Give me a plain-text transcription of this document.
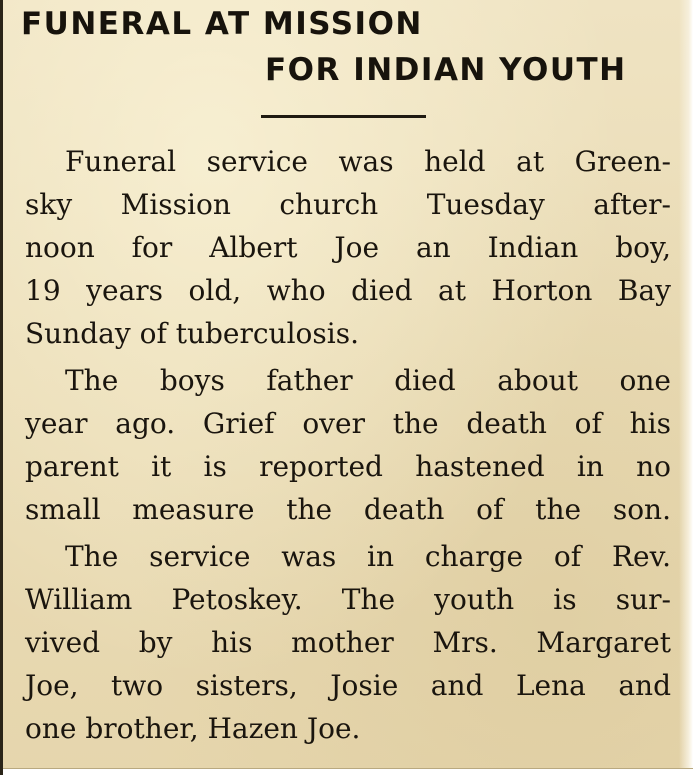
FUNERAL AT MISSION
FOR INDIAN YOUTH
Funeral service was held at Green-
sky Mission church Tuesday after-
noon for Albert Joe an Indian boy,
19 years old, who died at Horton Bay
Sunday of tuberculosis.
The boys father died about one
year ago. Grief over the death of his
parent it is reported hastened in no
small measure the death of the son.
The service was in charge of Rev.
William Petoskey. The youth is sur-
vived by his mother Mrs. Margaret
Joe, two sisters, Josie and Lena and
one brother, Hazen Joe.
